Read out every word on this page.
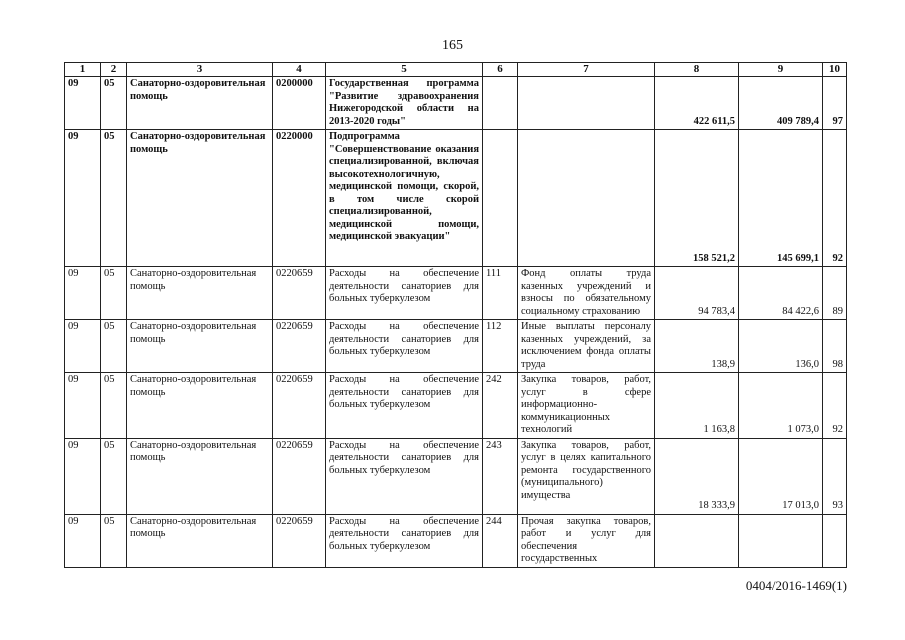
165
1	2	3	4	5	6	7	8	9	10
09	05	Санаторно-оздоровительная помощь	0200000	Государственная программа "Развитие здравоохранения Нижегородской области на 2013-2020 годы"			422 611,5	409 789,4	97
09	05	Санаторно-оздоровительная помощь	0220000	Подпрограмма "Совершенствование оказания специализированной, включая высокотехнологичную, медицинской помощи, скорой, в том числе скорой специализированной, медицинской помощи, медицинской эвакуации"			158 521,2	145 699,1	92
09	05	Санаторно-оздоровительная помощь	0220659	Расходы на обеспечение деятельности санаториев для больных туберкулезом	111	Фонд оплаты труда казенных учреждений и взносы по обязательному социальному страхованию	94 783,4	84 422,6	89
09	05	Санаторно-оздоровительная помощь	0220659	Расходы на обеспечение деятельности санаториев для больных туберкулезом	112	Иные выплаты персоналу казенных учреждений, за исключением фонда оплаты труда	138,9	136,0	98
09	05	Санаторно-оздоровительная помощь	0220659	Расходы на обеспечение деятельности санаториев для больных туберкулезом	242	Закупка товаров, работ, услуг в сфере информационно-коммуникационных технологий	1 163,8	1 073,0	92
09	05	Санаторно-оздоровительная помощь	0220659	Расходы на обеспечение деятельности санаториев для больных туберкулезом	243	Закупка товаров, работ, услуг в целях капитального ремонта государственного (муниципального) имущества	18 333,9	17 013,0	93
09	05	Санаторно-оздоровительная помощь	0220659	Расходы на обеспечение деятельности санаториев для больных туберкулезом	244	Прочая закупка товаров, работ и услуг для обеспечения государственных			
0404/2016-1469(1)
